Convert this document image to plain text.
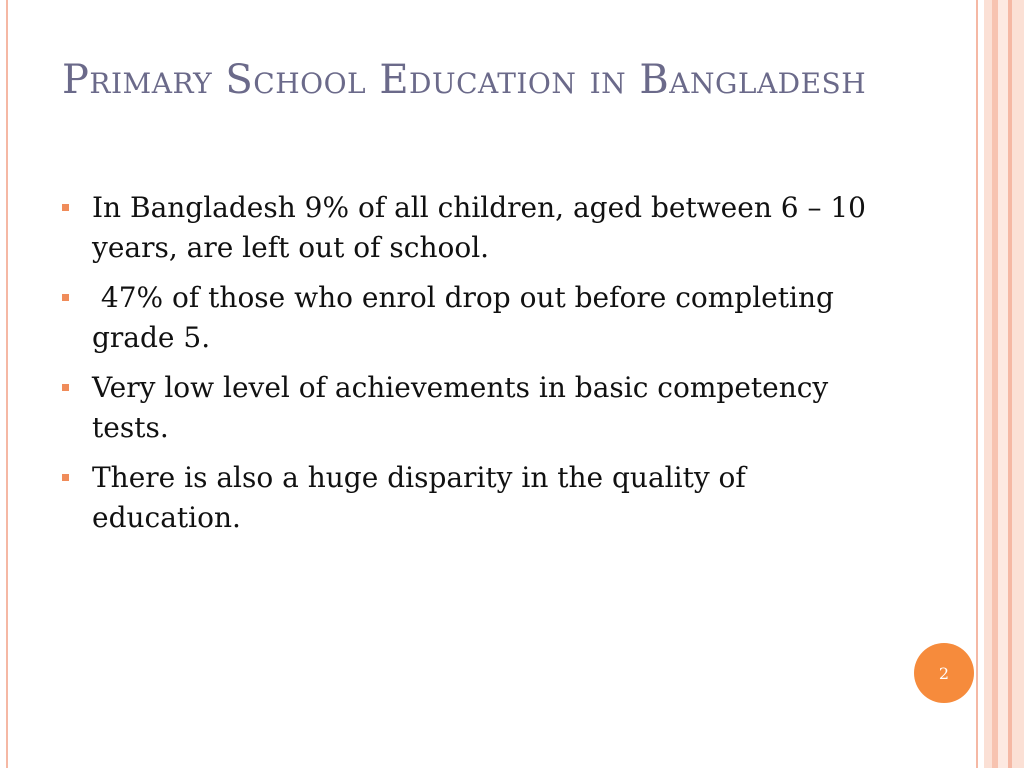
Primary School Education in Bangladesh
In Bangladesh 9% of all children, aged between 6 – 10 years, are left out of school.
47% of those who enrol drop out before completing grade 5.
Very low level of achievements in basic competency tests.
There is also a huge disparity in the quality of education.
2
